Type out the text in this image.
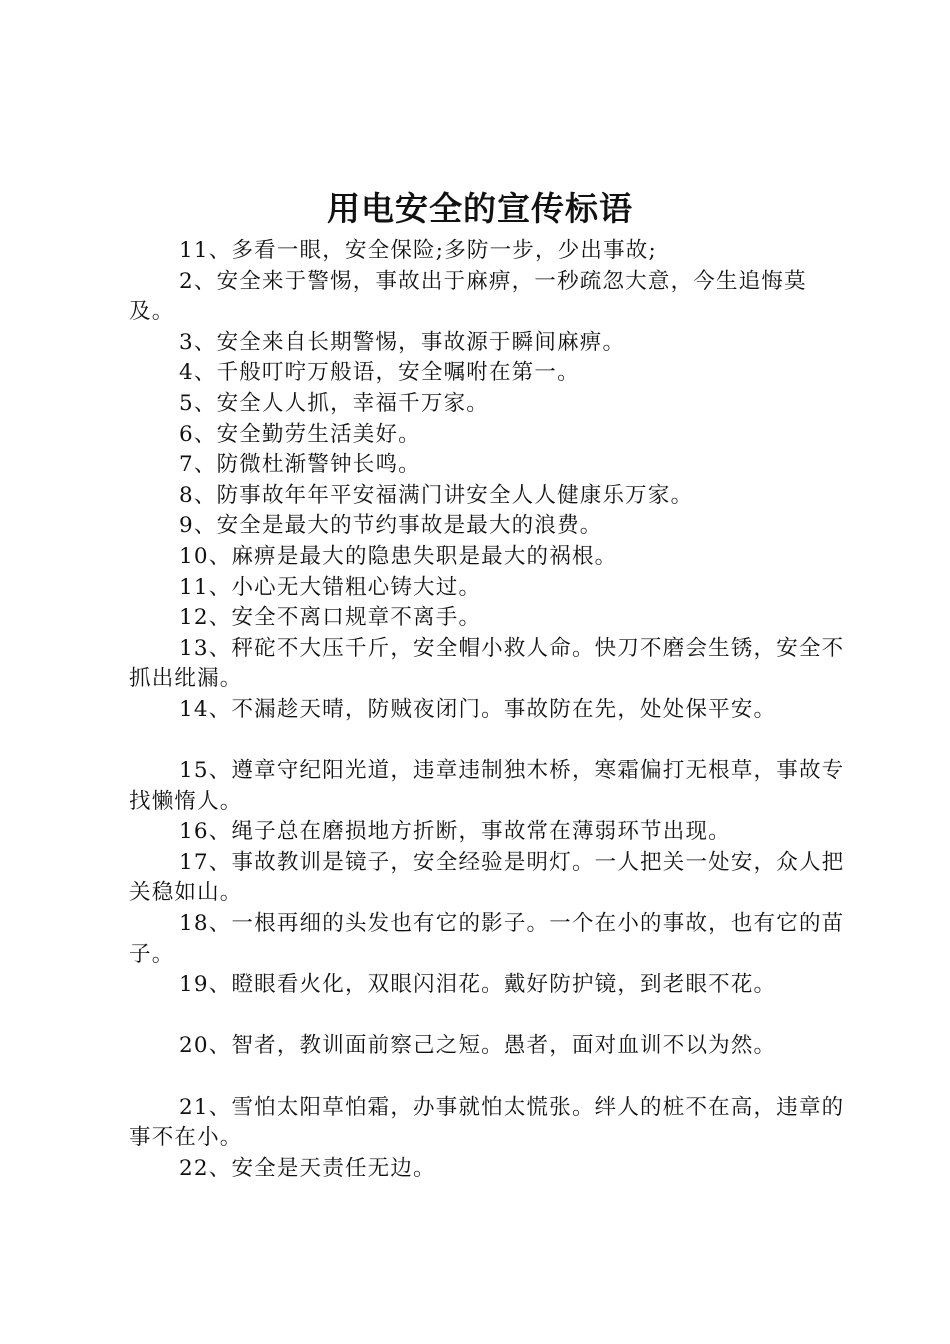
用电安全的宣传标语

11、多看一眼，安全保险;多防一步，少出事故;

2、安全来于警惕，事故出于麻痹，一秒疏忽大意，今生追悔莫及。

3、安全来自长期警惕，事故源于瞬间麻痹。

4、千般叮咛万般语，安全嘱咐在第一。

5、安全人人抓，幸福千万家。

6、安全勤劳生活美好。

7、防微杜渐警钟长鸣。

8、防事故年年平安福满门讲安全人人健康乐万家。

9、安全是最大的节约事故是最大的浪费。

10、麻痹是最大的隐患失职是最大的祸根。

11、小心无大错粗心铸大过。

12、安全不离口规章不离手。

13、秤砣不大压千斤，安全帽小救人命。快刀不磨会生锈，安全不抓出纰漏。

14、不漏趁天晴，防贼夜闭门。事故防在先，处处保平安。

15、遵章守纪阳光道，违章违制独木桥，寒霜偏打无根草，事故专找懒惰人。

16、绳子总在磨损地方折断，事故常在薄弱环节出现。

17、事故教训是镜子，安全经验是明灯。一人把关一处安，众人把关稳如山。

18、一根再细的头发也有它的影子。一个在小的事故，也有它的苗子。

19、瞪眼看火化，双眼闪泪花。戴好防护镜，到老眼不花。

20、智者，教训面前察己之短。愚者，面对血训不以为然。

21、雪怕太阳草怕霜，办事就怕太慌张。绊人的桩不在高，违章的事不在小。

22、安全是天责任无边。
